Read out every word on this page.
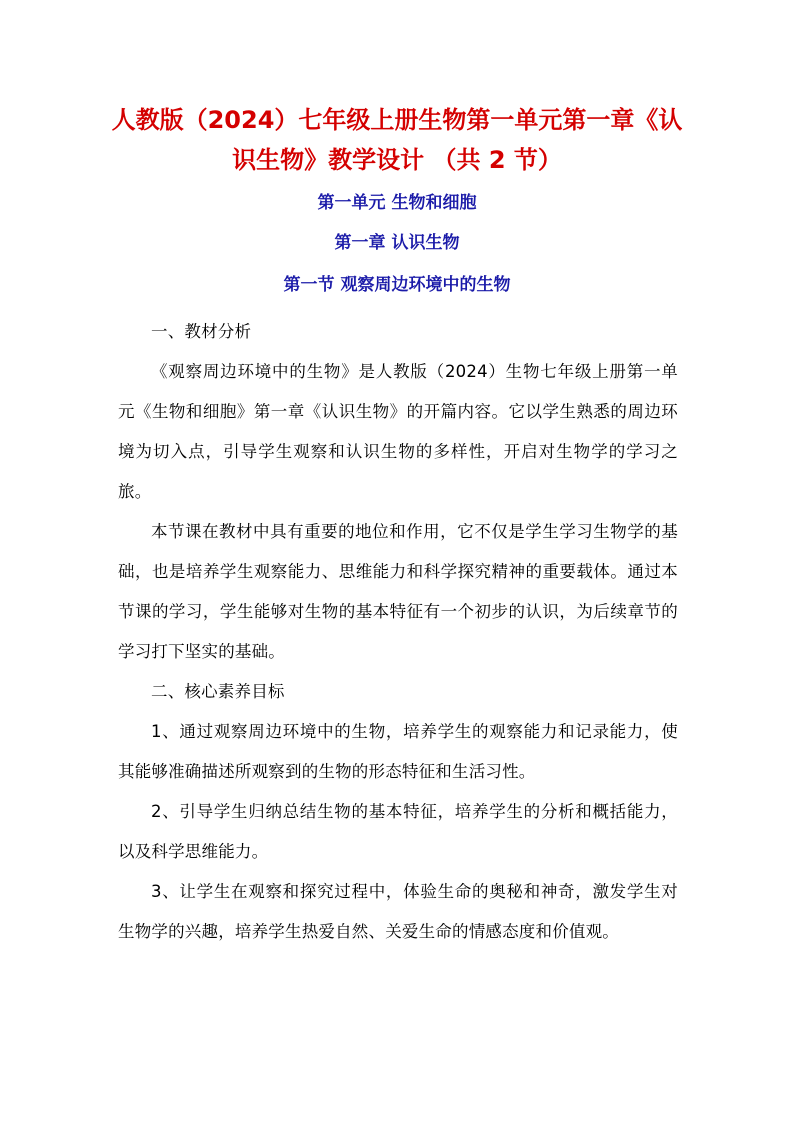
人教版（2024）七年级上册生物第一单元第一章《认识生物》教学设计 （共 2 节）
第一单元 生物和细胞
第一章 认识生物
第一节 观察周边环境中的生物

一、教材分析

《观察周边环境中的生物》是人教版（2024）生物七年级上册第一单元《生物和细胞》第一章《认识生物》的开篇内容。它以学生熟悉的周边环境为切入点，引导学生观察和认识生物的多样性，开启对生物学的学习之旅。

本节课在教材中具有重要的地位和作用，它不仅是学生学习生物学的基础，也是培养学生观察能力、思维能力和科学探究精神的重要载体。通过本节课的学习，学生能够对生物的基本特征有一个初步的认识，为后续章节的学习打下坚实的基础。

二、核心素养目标

1、通过观察周边环境中的生物，培养学生的观察能力和记录能力，使其能够准确描述所观察到的生物的形态特征和生活习性。

2、引导学生归纳总结生物的基本特征，培养学生的分析和概括能力，以及科学思维能力。

3、让学生在观察和探究过程中，体验生命的奥秘和神奇，激发学生对生物学的兴趣，培养学生热爱自然、关爱生命的情感态度和价值观。
